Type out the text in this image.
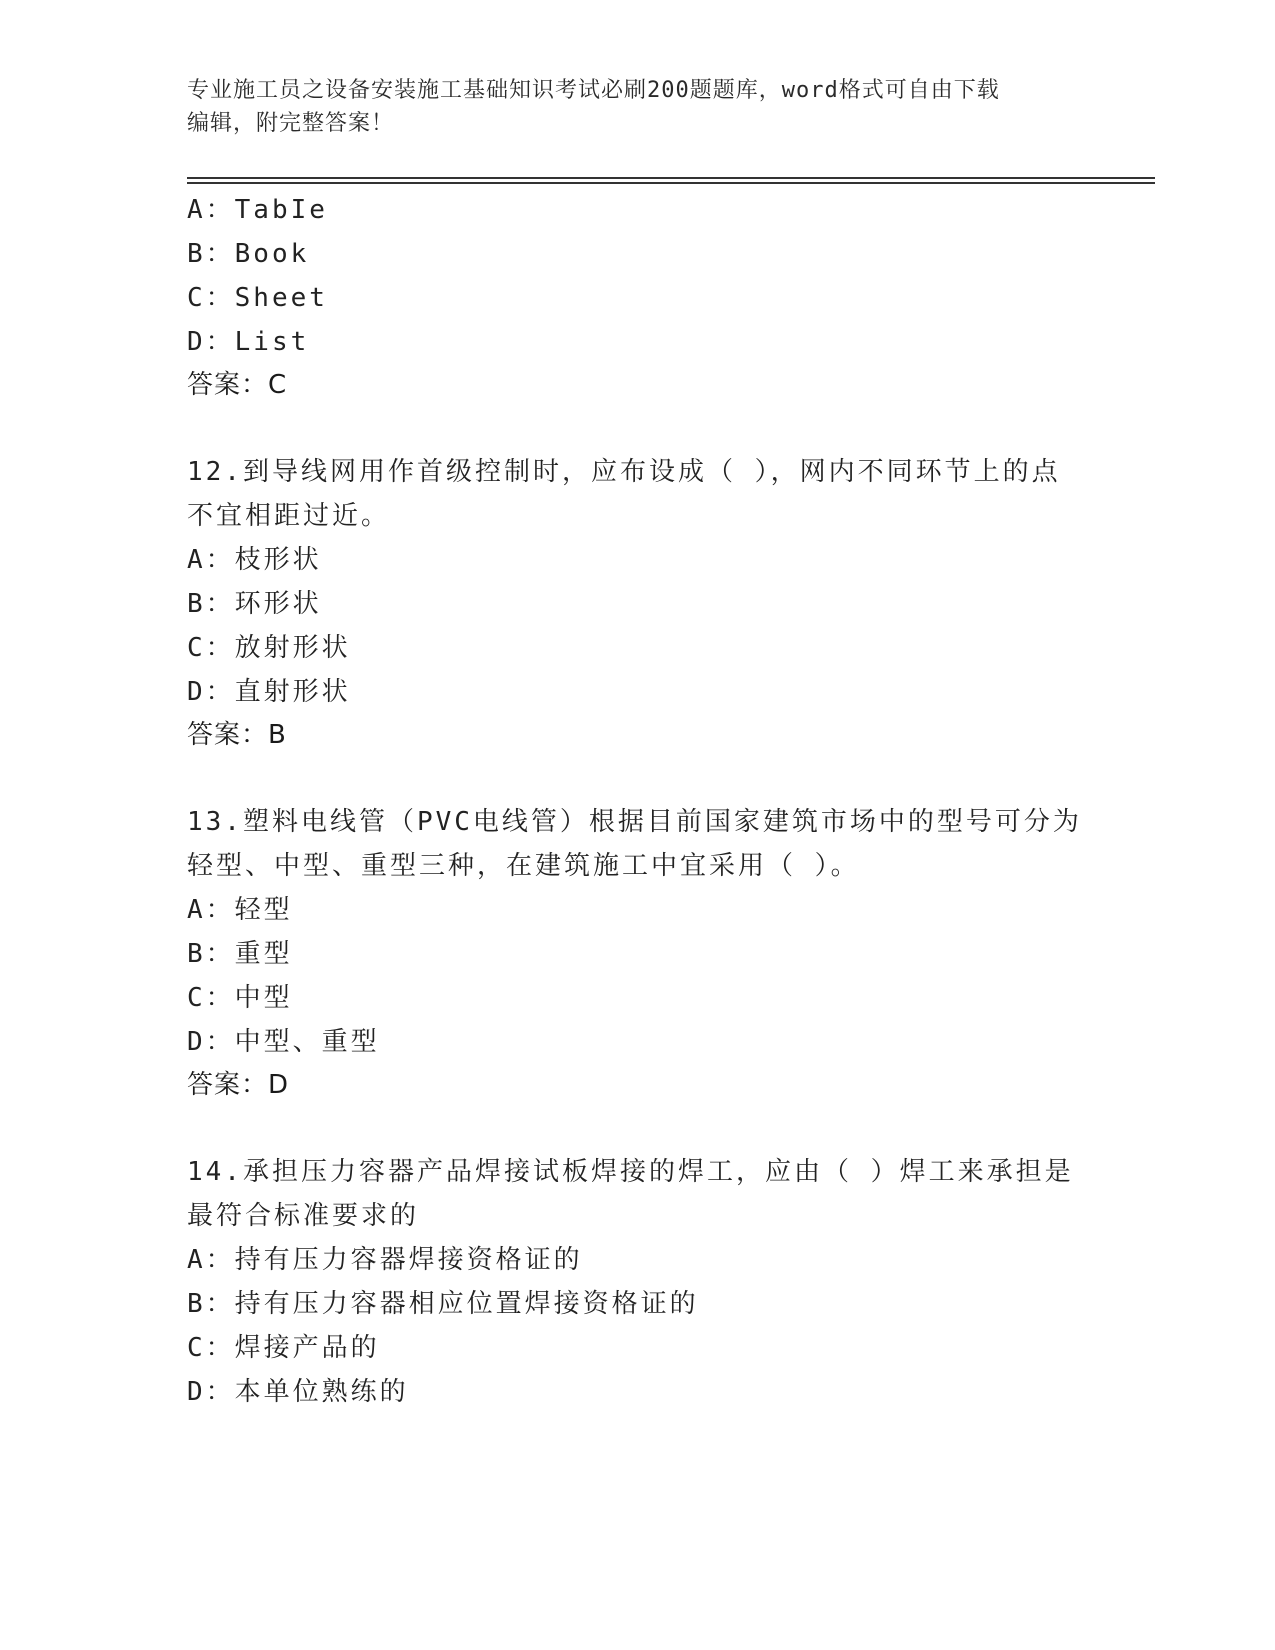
专业施工员之设备安装施工基础知识考试必刷200题题库，word格式可自由下载
编辑，附完整答案！
A：TabIe
B：Book
C：Sheet
D：List
答案：C
12.到导线网用作首级控制时，应布设成（ ），网内不同环节上的点
不宜相距过近。
A：枝形状
B：环形状
C：放射形状
D：直射形状
答案：B
13.塑料电线管（PVC电线管）根据目前国家建筑市场中的型号可分为
轻型、中型、重型三种，在建筑施工中宜采用（ ）。
A：轻型
B：重型
C：中型
D：中型、重型
答案：D
14.承担压力容器产品焊接试板焊接的焊工，应由（ ）焊工来承担是
最符合标准要求的
A：持有压力容器焊接资格证的
B：持有压力容器相应位置焊接资格证的
C：焊接产品的
D：本单位熟练的
